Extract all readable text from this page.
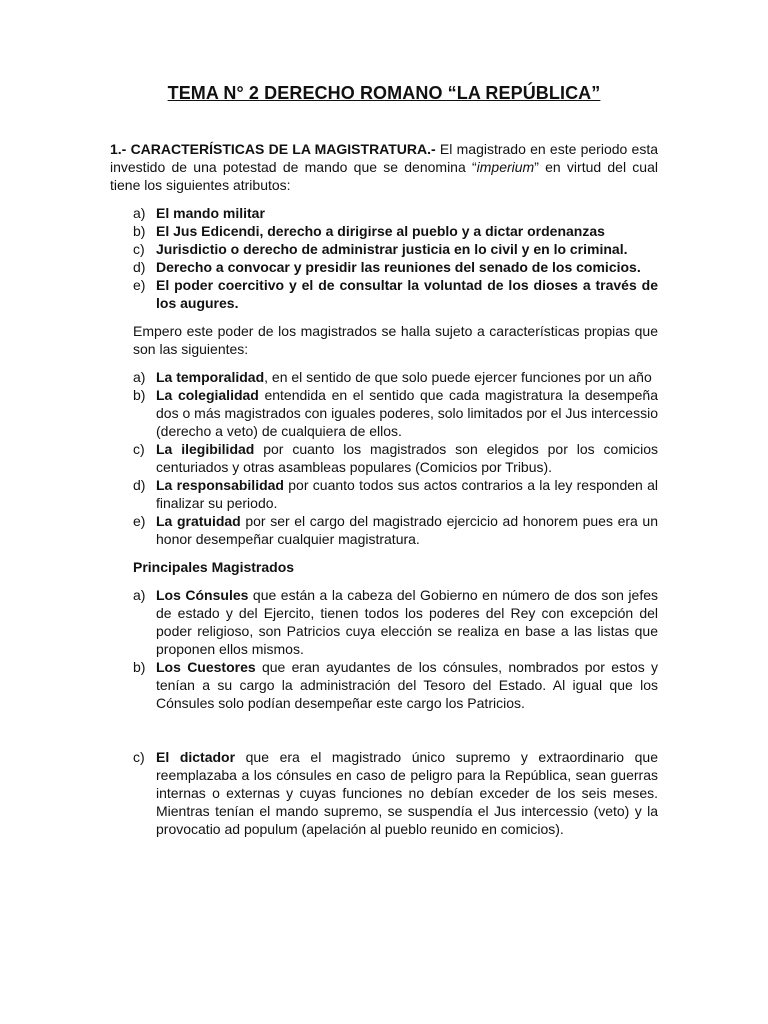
TEMA N° 2 DERECHO ROMANO “LA REPÚBLICA”

1.- CARACTERÍSTICAS DE LA MAGISTRATURA.- El magistrado en este periodo esta investido de una potestad de mando que se denomina “imperium” en virtud del cual tiene los siguientes atributos:

a) El mando militar
b) El Jus Edicendi, derecho a dirigirse al pueblo y a dictar ordenanzas
c) Jurisdictio o derecho de administrar justicia en lo civil y en lo criminal.
d) Derecho a convocar y presidir las reuniones del senado de los comicios.
e) El poder coercitivo y el de consultar la voluntad de los dioses a través de los augures.

Empero este poder de los magistrados se halla sujeto a características propias que son las siguientes:

a) La temporalidad, en el sentido de que solo puede ejercer funciones por un año
b) La colegialidad entendida en el sentido que cada magistratura la desempeña dos o más magistrados con iguales poderes, solo limitados por el Jus intercessio (derecho a veto) de cualquiera de ellos.
c) La ilegibilidad por cuanto los magistrados son elegidos por los comicios centuriados y otras asambleas populares (Comicios por Tribus).
d) La responsabilidad por cuanto todos sus actos contrarios a la ley responden al finalizar su periodo.
e) La gratuidad por ser el cargo del magistrado ejercicio ad honorem pues era un honor desempeñar cualquier magistratura.
Principales Magistrados
a) Los Cónsules que están a la cabeza del Gobierno en número de dos son jefes de estado y del Ejercito, tienen todos los poderes del Rey con excepción del poder religioso, son Patricios cuya elección se realiza en base a las listas que proponen ellos mismos.
b) Los Cuestores que eran ayudantes de los cónsules, nombrados por estos y tenían a su cargo la administración del Tesoro del Estado. Al igual que los Cónsules solo podían desempeñar este cargo los Patricios.
c) El dictador que era el magistrado único supremo y extraordinario que reemplazaba a los cónsules en caso de peligro para la República, sean guerras internas o externas y cuyas funciones no debían exceder de los seis meses. Mientras tenían el mando supremo, se suspendía el Jus intercessio (veto) y la provocatio ad populum (apelación al pueblo reunido en comicios).
